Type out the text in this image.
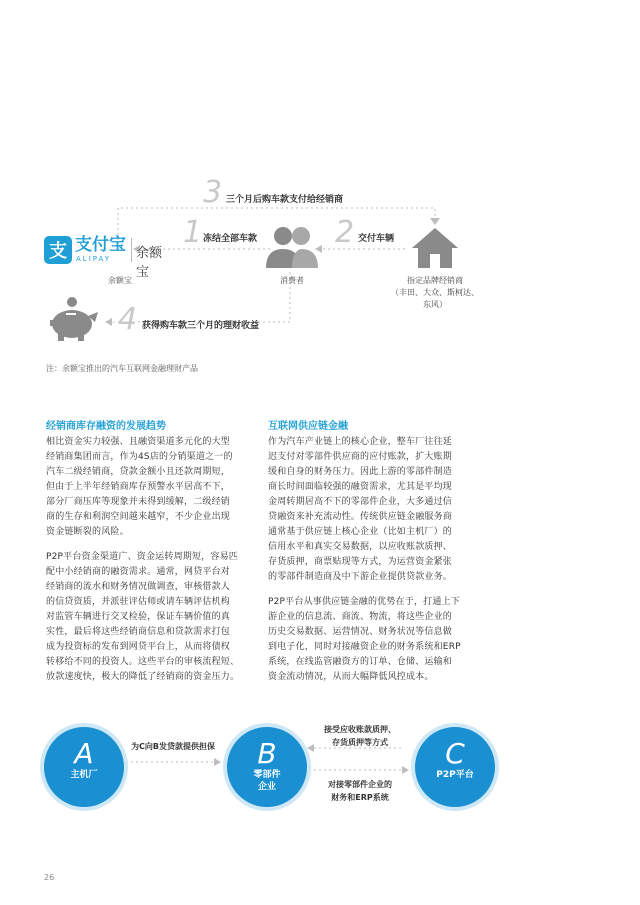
3 三个月后购车款支付给经销商
1 冻结全部车款	2 交付车辆
4 获得购车款三个月的理财收益
支 支付宝
ALIPAY 余额宝
余额宝	消费者	指定品牌经销商
（丰田、大众、斯柯达、
东风）
注：余额宝推出的汽车互联网金融理财产品
经销商库存融资的发展趋势
相比资金实力较强、且融资渠道多元化的大型
经销商集团而言，作为4S店的分销渠道之一的
汽车二级经销商，贷款金额小且还款周期短，
但由于上半年经销商库存预警水平居高不下，
部分厂商压库等现象并未得到缓解，二级经销
商的生存和利润空间越来越窄，不少企业出现
资金链断裂的风险。
P2P平台资金渠道广、资金运转周期短，容易匹
配中小经销商的融资需求。通常，网贷平台对
经销商的流水和财务情况做调查，审核借款人
的信贷资质，并派驻评估师或请车辆评估机构
对监管车辆进行交叉检验，保证车辆价值的真
实性，最后将这些经销商信息和贷款需求打包
成为投资标的发布到网贷平台上，从而将债权
转移给不同的投资人。这些平台的审核流程短、
放款速度快，极大的降低了经销商的资金压力。
互联网供应链金融
作为汽车产业链上的核心企业，整车厂往往延
迟支付对零部件供应商的应付账款，扩大账期
缓和自身的财务压力。因此上游的零部件制造
商长时间面临较强的融资需求，尤其是平均现
金周转期居高不下的零部件企业，大多通过信
贷融资来补充流动性。传统供应链金融服务商
通常基于供应链上核心企业（比如主机厂）的
信用水平和真实交易数据，以应收账款质押、
存货质押，商票贴现等方式，为运营资金紧张
的零部件制造商及中下游企业提供贷款业务。
P2P平台从事供应链金融的优势在于，打通上下
游企业的信息流、商流、物流，将这些企业的
历史交易数据、运营情况、财务状况等信息做
到电子化，同时对接融资企业的财务系统和ERP
系统，在线监管融资方的订单、仓储、运输和
资金流动情况，从而大幅降低风控成本。
A
主机厂
为C向B发贷款提供担保	B
零部件
企业
接受应收账款质押、
存货质押等方式
对接零部件企业的
财务和ERP系统
C
P2P平台
26
